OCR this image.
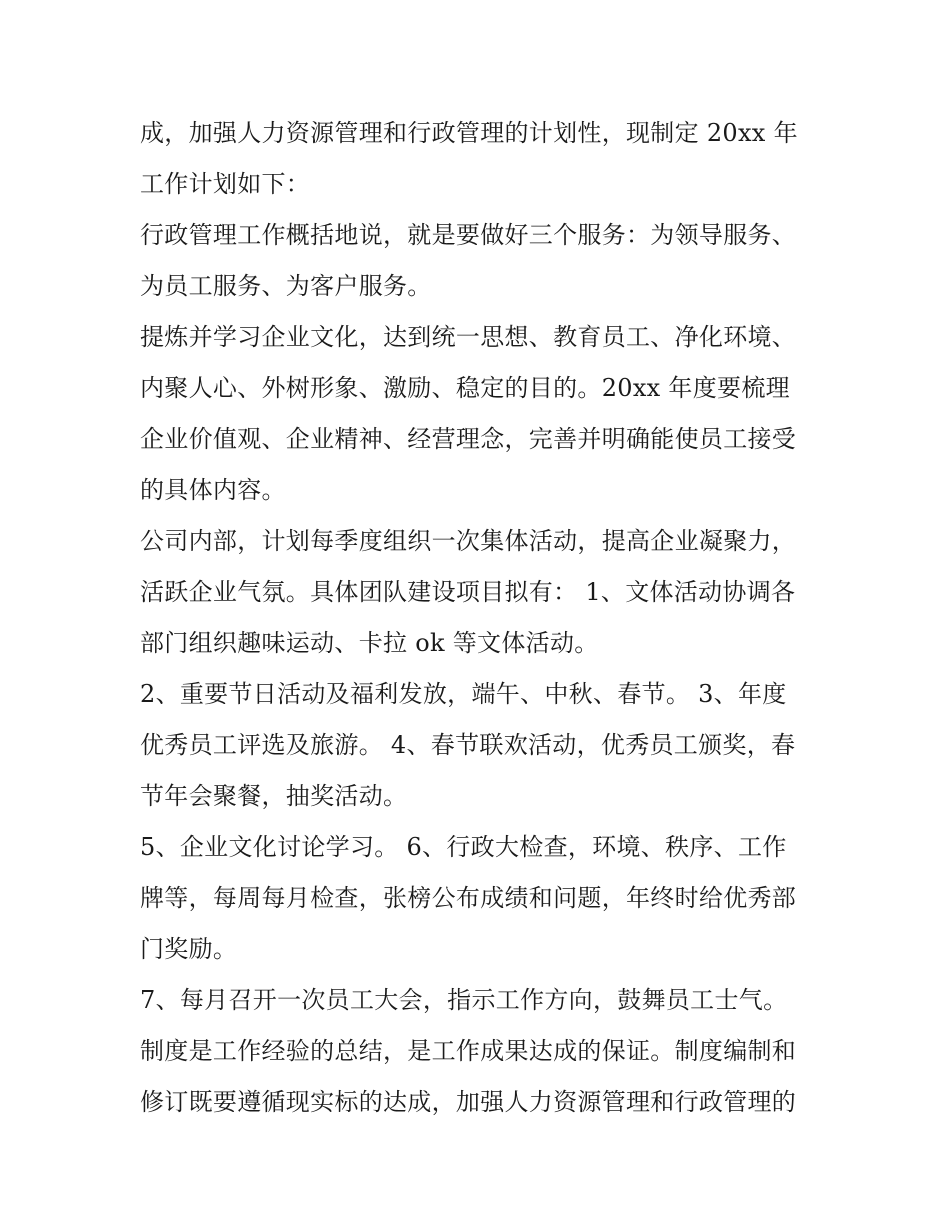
成，加强人力资源管理和行政管理的计划性，现制定 20xx 年
工作计划如下：
行政管理工作概括地说，就是要做好三个服务：为领导服务、
为员工服务、为客户服务。
提炼并学习企业文化，达到统一思想、教育员工、净化环境、
内聚人心、外树形象、激励、稳定的目的。20xx 年度要梳理
企业价值观、企业精神、经营理念，完善并明确能使员工接受
的具体内容。
公司内部，计划每季度组织一次集体活动，提高企业凝聚力，
活跃企业气氛。具体团队建设项目拟有： 1、文体活动协调各
部门组织趣味运动、卡拉 ok 等文体活动。
2、重要节日活动及福利发放，端午、中秋、春节。 3、年度
优秀员工评选及旅游。 4、春节联欢活动，优秀员工颁奖，春
节年会聚餐，抽奖活动。
5、企业文化讨论学习。 6、行政大检查，环境、秩序、工作
牌等，每周每月检查，张榜公布成绩和问题，年终时给优秀部
门奖励。
7、每月召开一次员工大会，指示工作方向，鼓舞员工士气。
制度是工作经验的总结，是工作成果达成的保证。制度编制和
修订既要遵循现实标的达成，加强人力资源管理和行政管理的
